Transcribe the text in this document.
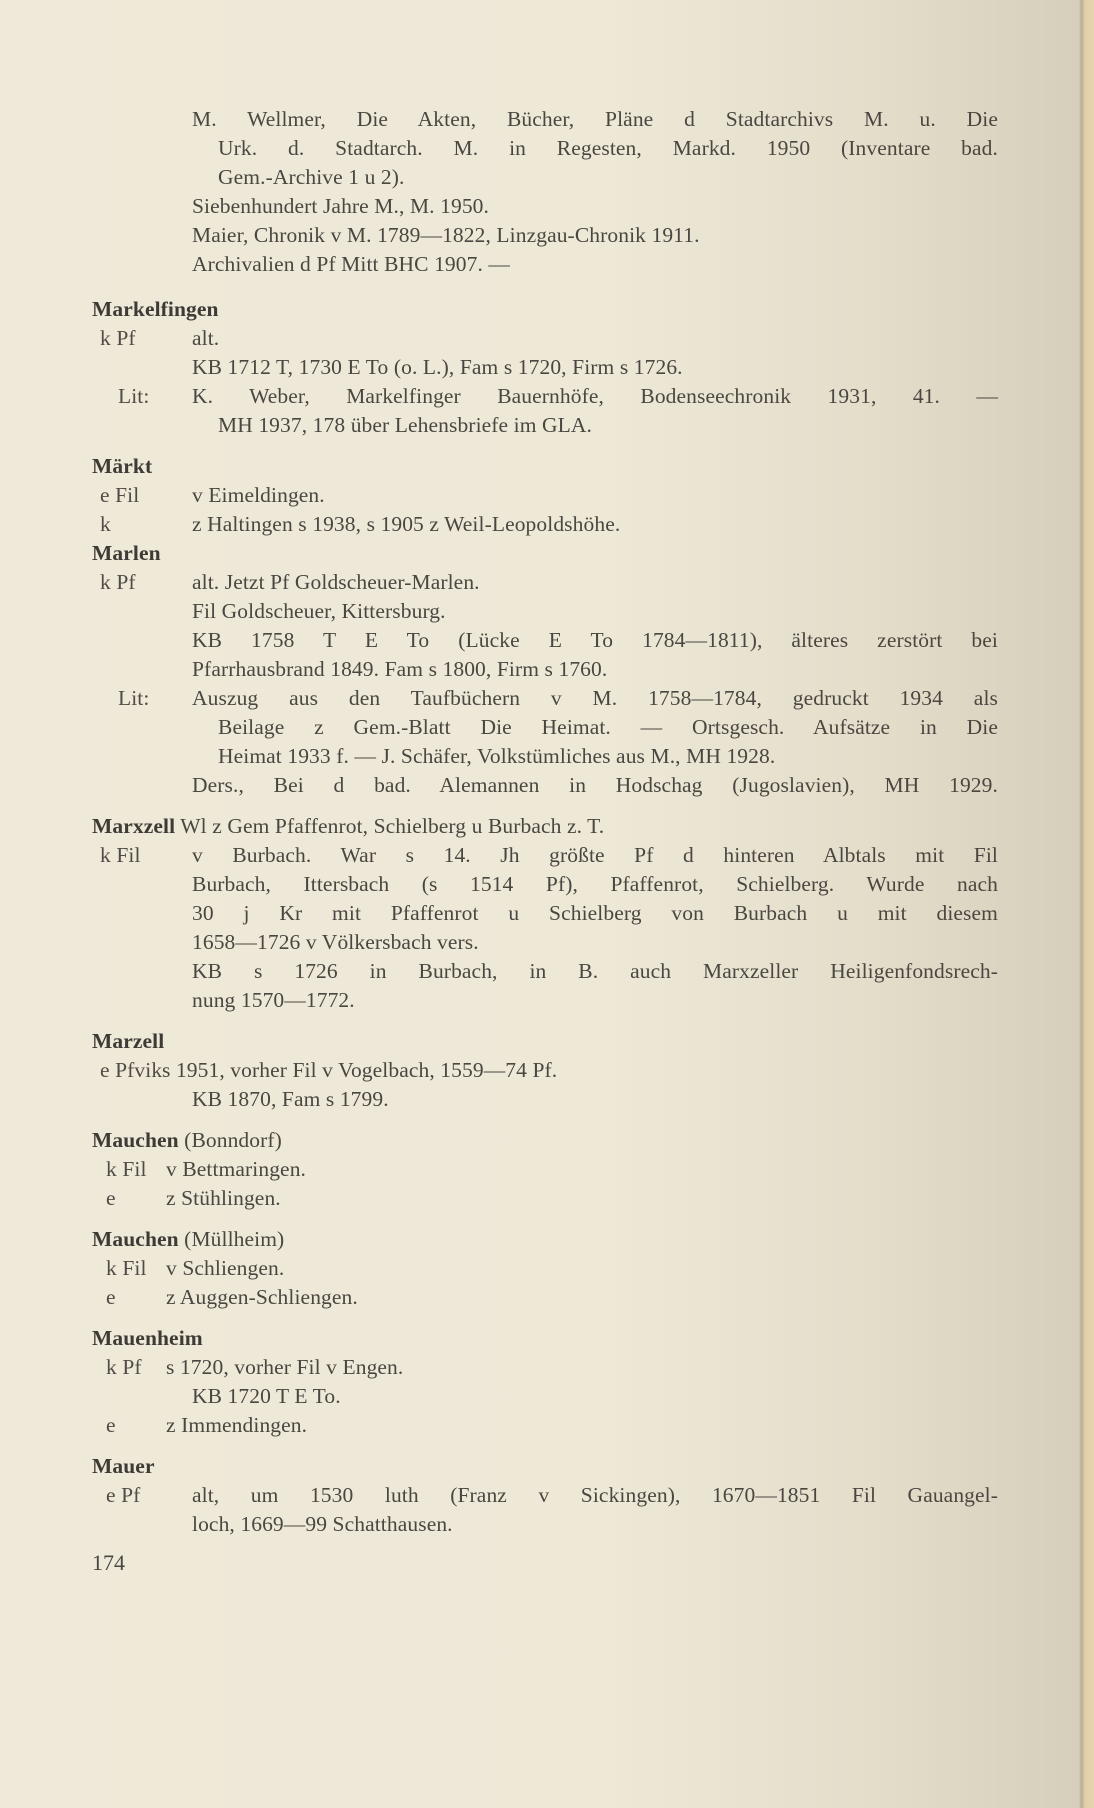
M. Wellmer, Die Akten, Bücher, Pläne d Stadtarchivs M. u. Die
Urk. d. Stadtarch. M. in Regesten, Markd. 1950 (Inventare bad.
Gem.-Archive 1 u 2).
Siebenhundert Jahre M., M. 1950.
Maier, Chronik v M. 1789—1822, Linzgau-Chronik 1911.
Archivalien d Pf Mitt BHC 1907. —
Markelfingen
k Pf	alt.
KB 1712 T, 1730 E To (o. L.), Fam s 1720, Firm s 1726.
Lit: K. Weber, Markelfinger Bauernhöfe, Bodenseechronik 1931, 41. —
MH 1937, 178 über Lehensbriefe im GLA.
Märkt
e Fil v Eimeldingen.
k	z Haltingen s 1938, s 1905 z Weil-Leopoldshöhe.
Marlen
k Pf	alt. Jetzt Pf Goldscheuer-Marlen.
Fil Goldscheuer, Kittersburg.
KB 1758 T E To (Lücke E To 1784—1811), älteres zerstört bei
Pfarrhausbrand 1849. Fam s 1800, Firm s 1760.
Lit: Auszug aus den Taufbüchern v M. 1758—1784, gedruckt 1934 als
Beilage z Gem.-Blatt Die Heimat. — Ortsgesch. Aufsätze in Die
Heimat 1933 f. — J. Schäfer, Volkstümliches aus M., MH 1928.
Ders., Bei d bad. Alemannen in Hodschag (Jugoslavien), MH 1929.
Marxzell Wl z Gem Pfaffenrot, Schielberg u Burbach z. T.
k Fil v Burbach. War s 14. Jh größte Pf d hinteren Albtals mit Fil
Burbach, Ittersbach (s 1514 Pf), Pfaffenrot, Schielberg. Wurde nach
30 j Kr mit Pfaffenrot u Schielberg von Burbach u mit diesem
1658—1726 v Völkersbach vers.
KB s 1726 in Burbach, in B. auch Marxzeller Heiligenfondsrech-
nung 1570—1772.
Marzell
e Pfvik s 1951, vorher Fil v Vogelbach, 1559—74 Pf.
KB 1870, Fam s 1799.
Mauchen (Bonndorf)
k Fil v Bettmaringen.
e z Stühlingen.
Mauchen (Müllheim)
k Fil v Schliengen.
e z Auggen-Schliengen.
Mauenheim
k Pf s 1720, vorher Fil v Engen.
KB 1720 T E To.
e z Immendingen.
Mauer
e Pf alt, um 1530 luth (Franz v Sickingen), 1670—1851 Fil Gauangel-
loch, 1669—99 Schatthausen.
174
